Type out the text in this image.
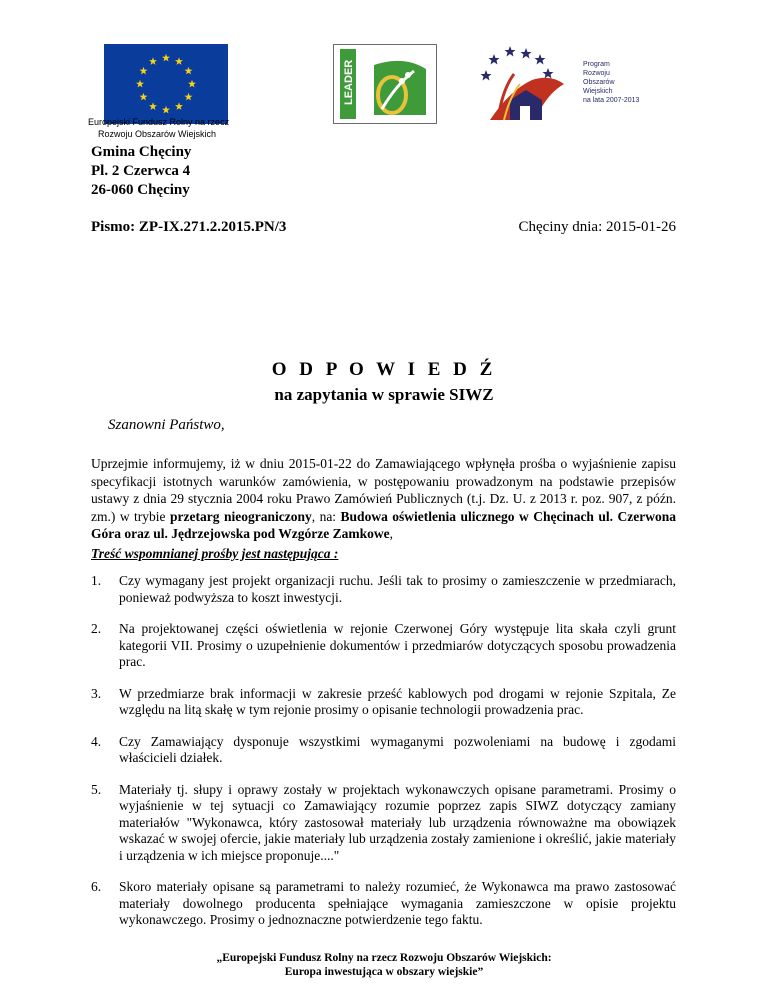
Europejski Fundusz Rolny na rzecz
Rozwoju Obszarów Wiejskich
LEADER	Program
Rozwoju
Obszarów
Wiejskich
na lata 2007-2013
Gmina Chęciny
Pl. 2 Czerwca 4
26-060 Chęciny
Pismo: ZP-IX.271.2.2015.PN/3	Chęciny dnia: 2015-01-26
O D P O W I E D Ź
na zapytania w sprawie SIWZ
Szanowni Państwo,
Uprzejmie informujemy, iż w dniu 2015-01-22 do Zamawiającego wpłynęła prośba o wyjaśnienie zapisu specyfikacji istotnych warunków zamówienia, w postępowaniu prowadzonym na podstawie przepisów ustawy z dnia 29 stycznia 2004 roku Prawo Zamówień Publicznych (t.j. Dz. U. z 2013 r. poz. 907, z późn. zm.) w trybie przetarg nieograniczony, na: Budowa oświetlenia ulicznego w Chęcinach ul. Czerwona Góra oraz ul. Jędrzejowska pod Wzgórze Zamkowe,
Treść wspomnianej prośby jest następująca :
1. Czy wymagany jest projekt organizacji ruchu. Jeśli tak to prosimy o zamieszczenie w przedmiarach, ponieważ podwyższa to koszt inwestycji.
2. Na projektowanej części oświetlenia w rejonie Czerwonej Góry występuje lita skała czyli grunt kategorii VII. Prosimy o uzupełnienie dokumentów i przedmiarów dotyczących sposobu prowadzenia prac.
3. W przedmiarze brak informacji w zakresie prześć kablowych pod drogami w rejonie Szpitala, Ze względu na litą skałę w tym rejonie prosimy o opisanie technologii prowadzenia prac.
4. Czy Zamawiający dysponuje wszystkimi wymaganymi pozwoleniami na budowę i zgodami właścicieli działek.
5. Materiały tj. słupy i oprawy zostały w projektach wykonawczych opisane parametrami. Prosimy o wyjaśnienie w tej sytuacji co Zamawiający rozumie poprzez zapis SIWZ dotyczący zamiany materiałów "Wykonawca, który zastosował materiały lub urządzenia równoważne ma obowiązek wskazać w swojej ofercie, jakie materiały lub urządzenia zostały zamienione i określić, jakie materiały i urządzenia w ich miejsce proponuje...."
6. Skoro materiały opisane są parametrami to należy rozumieć, że Wykonawca ma prawo zastosować materiały dowolnego producenta spełniające wymagania zamieszczone w opisie projektu wykonawczego. Prosimy o jednoznaczne potwierdzenie tego faktu.
„Europejski Fundusz Rolny na rzecz Rozwoju Obszarów Wiejskich:
Europa inwestująca w obszary wiejskie”
